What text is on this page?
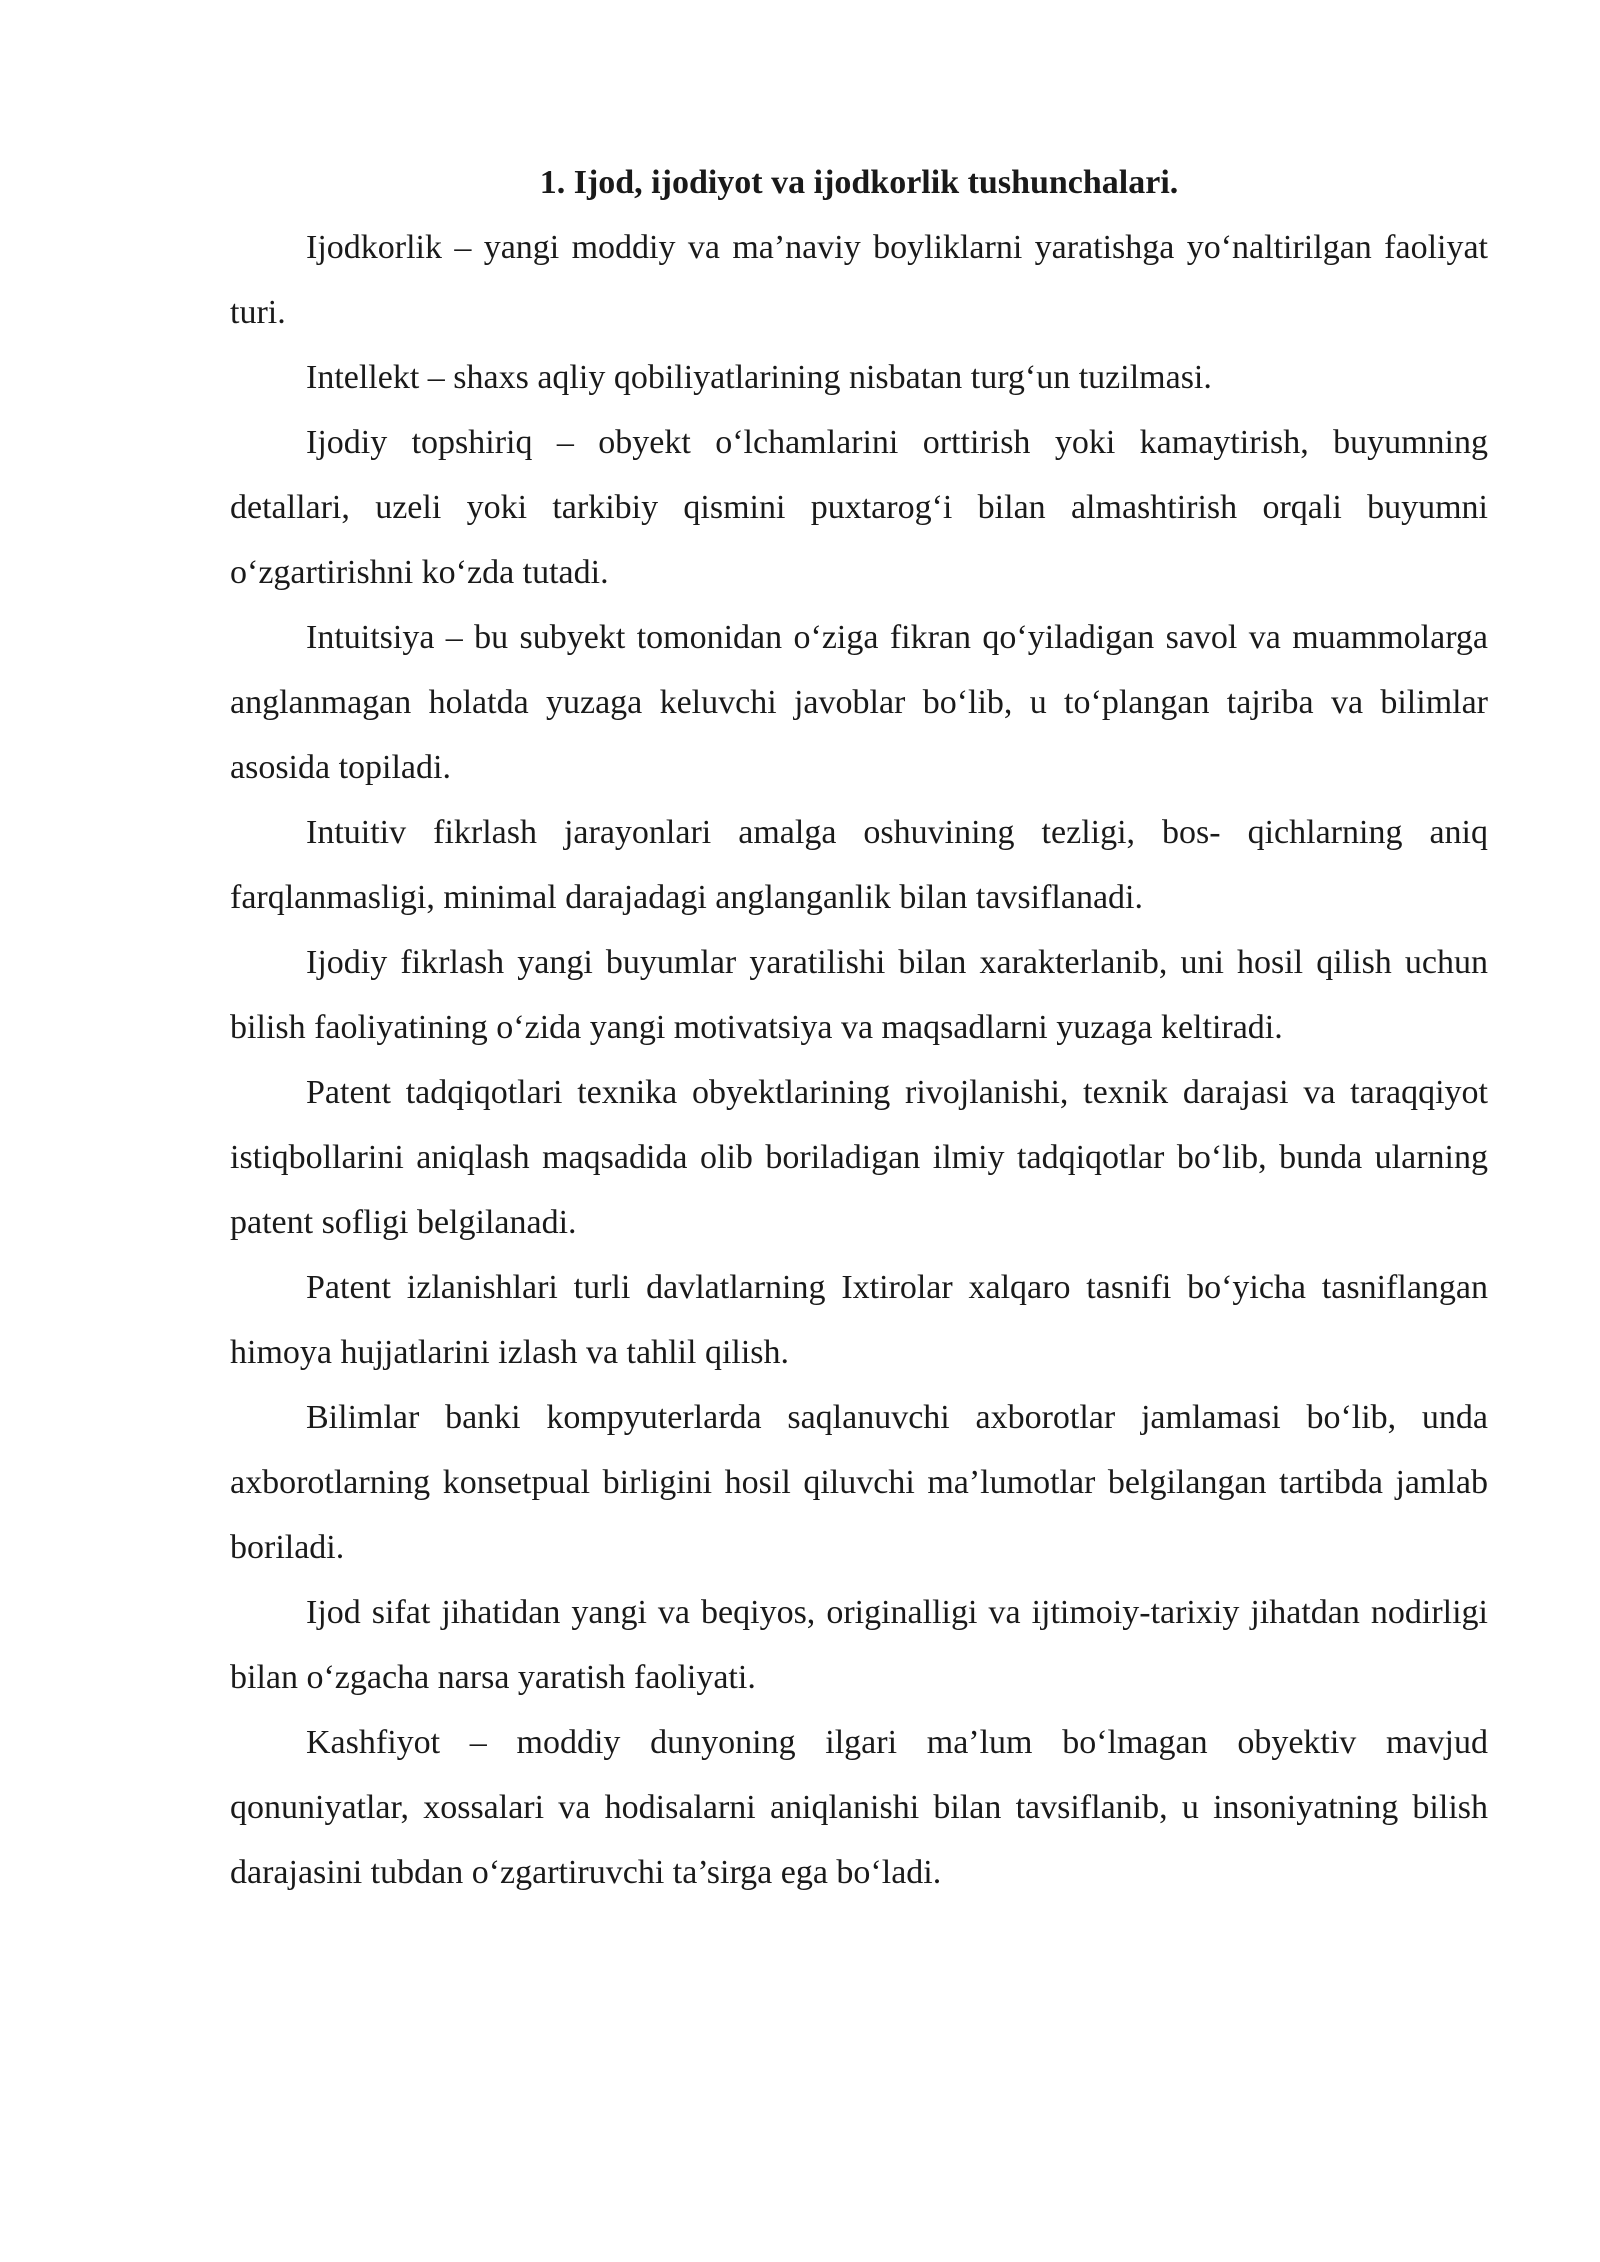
1. Ijod, ijodiyot va ijodkorlik tushunchalari.

Ijodkorlik – yangi moddiy va ma’naviy boyliklarni yaratishga yo‘naltirilgan faoliyat turi.

Intellekt – shaxs aqliy qobiliyatlarining nisbatan turg‘un tuzilmasi.

Ijodiy topshiriq – obyekt o‘lchamlarini orttirish yoki kamaytirish, buyumning detallari, uzeli yoki tarkibiy qismini puxtarog‘i bilan almashtirish orqali buyumni o‘zgartirishni ko‘zda tutadi.

Intuitsiya – bu subyekt tomonidan o‘ziga fikran qo‘yiladigan savol va muammolarga anglanmagan holatda yuzaga keluvchi javoblar bo‘lib, u to‘plangan tajriba va bilimlar asosida topiladi.

Intuitiv fikrlash jarayonlari amalga oshuvining tezligi, bos- qichlarning aniq farqlanmasligi, minimal darajadagi anglanganlik bilan tavsiflanadi.

Ijodiy fikrlash yangi buyumlar yaratilishi bilan xarakterlanib, uni hosil qilish uchun bilish faoliyatining o‘zida yangi motivatsiya va maqsadlarni yuzaga keltiradi.

Patent tadqiqotlari texnika obyektlarining rivojlanishi, texnik darajasi va taraqqiyot istiqbollarini aniqlash maqsadida olib boriladigan ilmiy tadqiqotlar bo‘lib, bunda ularning patent sofligi belgilanadi.

Patent izlanishlari turli davlatlarning Ixtirolar xalqaro tasnifi bo‘yicha tasniflangan himoya hujjatlarini izlash va tahlil qilish.

Bilimlar banki kompyuterlarda saqlanuvchi axborotlar jamlamasi bo‘lib, unda axborotlarning konsetpual birligini hosil qiluvchi ma’lumotlar belgilangan tartibda jamlab boriladi.

Ijod sifat jihatidan yangi va beqiyos, originalligi va ijtimoiy-tarixiy jihatdan nodirligi bilan o‘zgacha narsa yaratish faoliyati.

Kashfiyot – moddiy dunyoning ilgari ma’lum bo‘lmagan obyektiv mavjud qonuniyatlar, xossalari va hodisalarni aniqlanishi bilan tavsiflanib, u insoniyatning bilish darajasini tubdan o‘zgartiruvchi ta’sirga ega bo‘ladi.
